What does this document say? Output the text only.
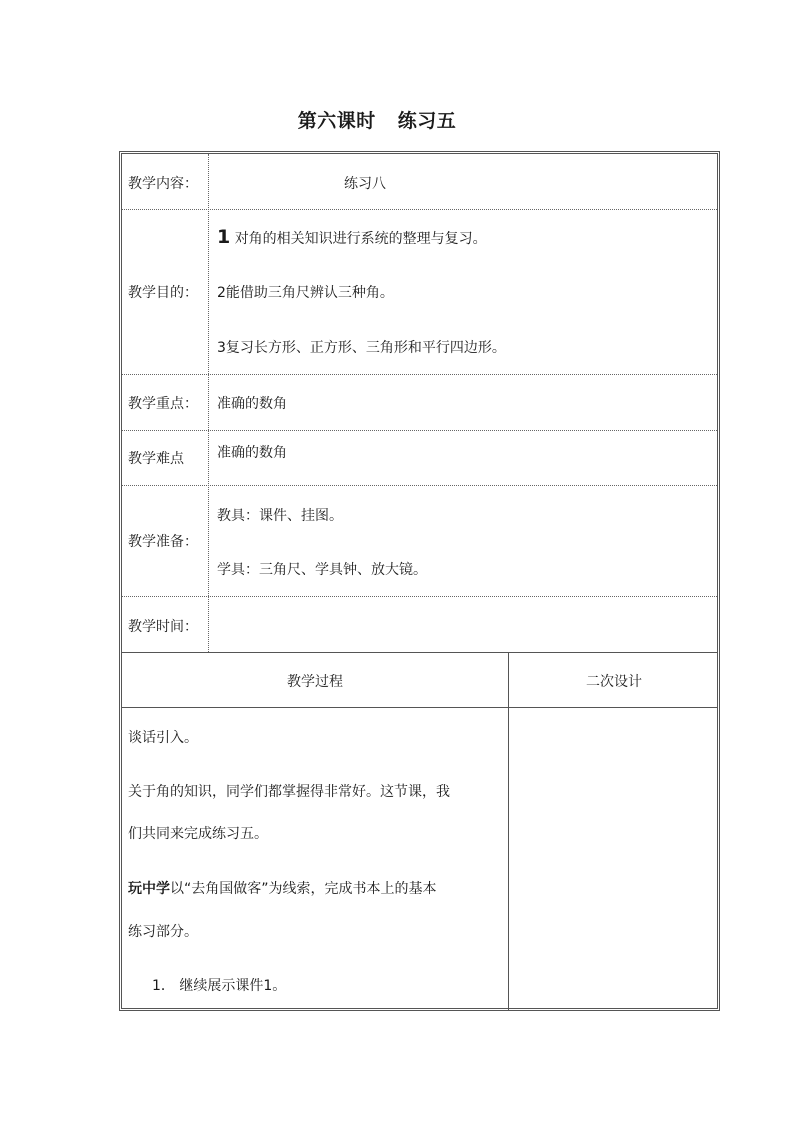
第六课时 练习五
教学内容：	练习八
教学目的：
1 对角的相关知识进行系统的整理与复习。
2能借助三角尺辨认三种角。
3复习长方形、正方形、三角形和平行四边形。
教学重点： 准确的数角
教学难点 准确的数角
教学准备：
教具：课件、挂图。
学具：三角尺、学具钟、放大镜。
教学时间：
教学过程	二次设计
谈话引入。
关于角的知识，同学们都掌握得非常好。这节课，我
们共同来完成练习五。
玩中学以“去角国做客”为线索，完成书本上的基本
练习部分。
1． 继续展示课件1。
